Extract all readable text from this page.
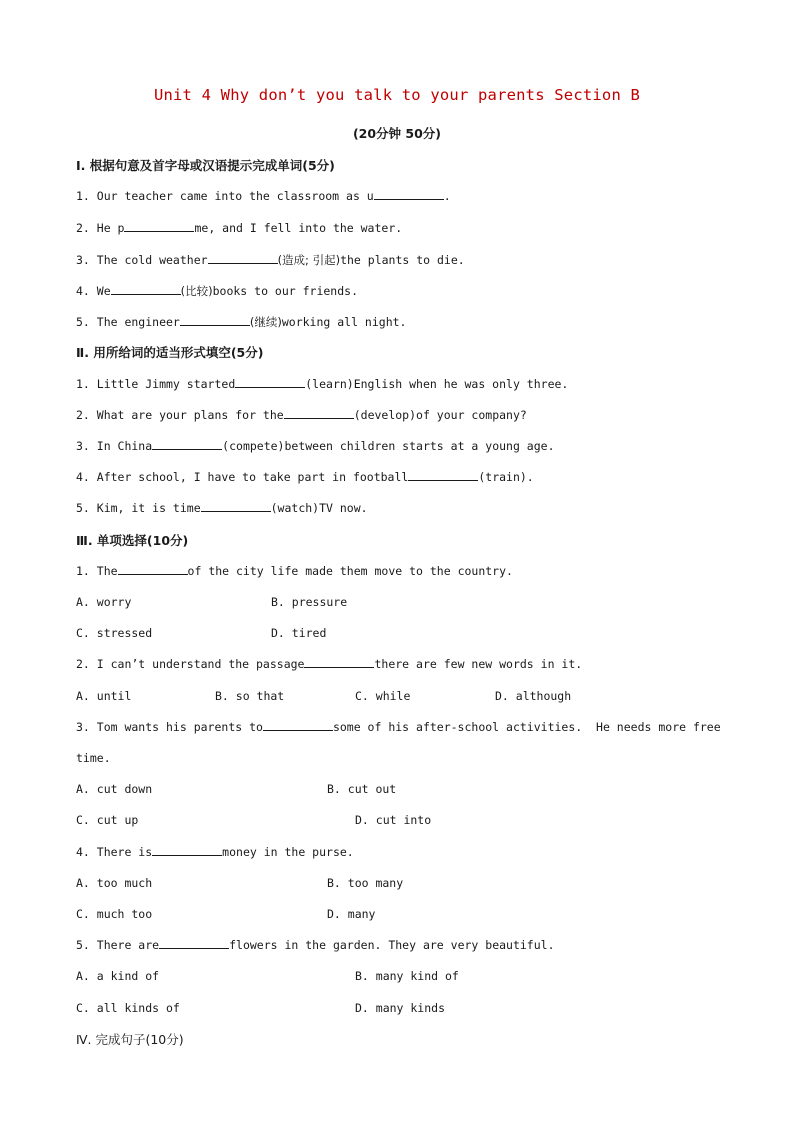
Unit 4 Why don’t you talk to your parents Section B
(20分钟 50分)
Ⅰ. 根据句意及首字母或汉语提示完成单词(5分)
1. Our teacher came into the classroom as u	.
2. He p	me, and I fell into the water.
3. The cold weather	(造成; 引起)the plants to die.
4. We	(比较)books to our friends.
5. The engineer	(继续)working all night.
Ⅱ. 用所给词的适当形式填空(5分)
1. Little Jimmy started	(learn)English when he was only three.
2. What are your plans for the	(develop)of your company?
3. In China	(compete)between children starts at a young age.
4. After school, I have to take part in football	(train).
5. Kim, it is time	(watch)TV now.
Ⅲ. 单项选择(10分)
1. The	of the city life made them move to the country.
A. worry	B. pressure
C. stressed	D. tired
2. I can’t understand the passage	there are few new words in it.
A. until	B. so that	C. while	D. although
3. Tom wants his parents to	some of his after-school activities.  He needs more free
time.
A. cut down	B. cut out
C. cut up	D. cut into
4. There is	money in the purse.
A. too much	B. too many
C. much too	D. many
5. There are	flowers in the garden. They are very beautiful.
A. a kind of	B. many kind of
C. all kinds of	D. many kinds
Ⅳ. 完成句子(10分)
